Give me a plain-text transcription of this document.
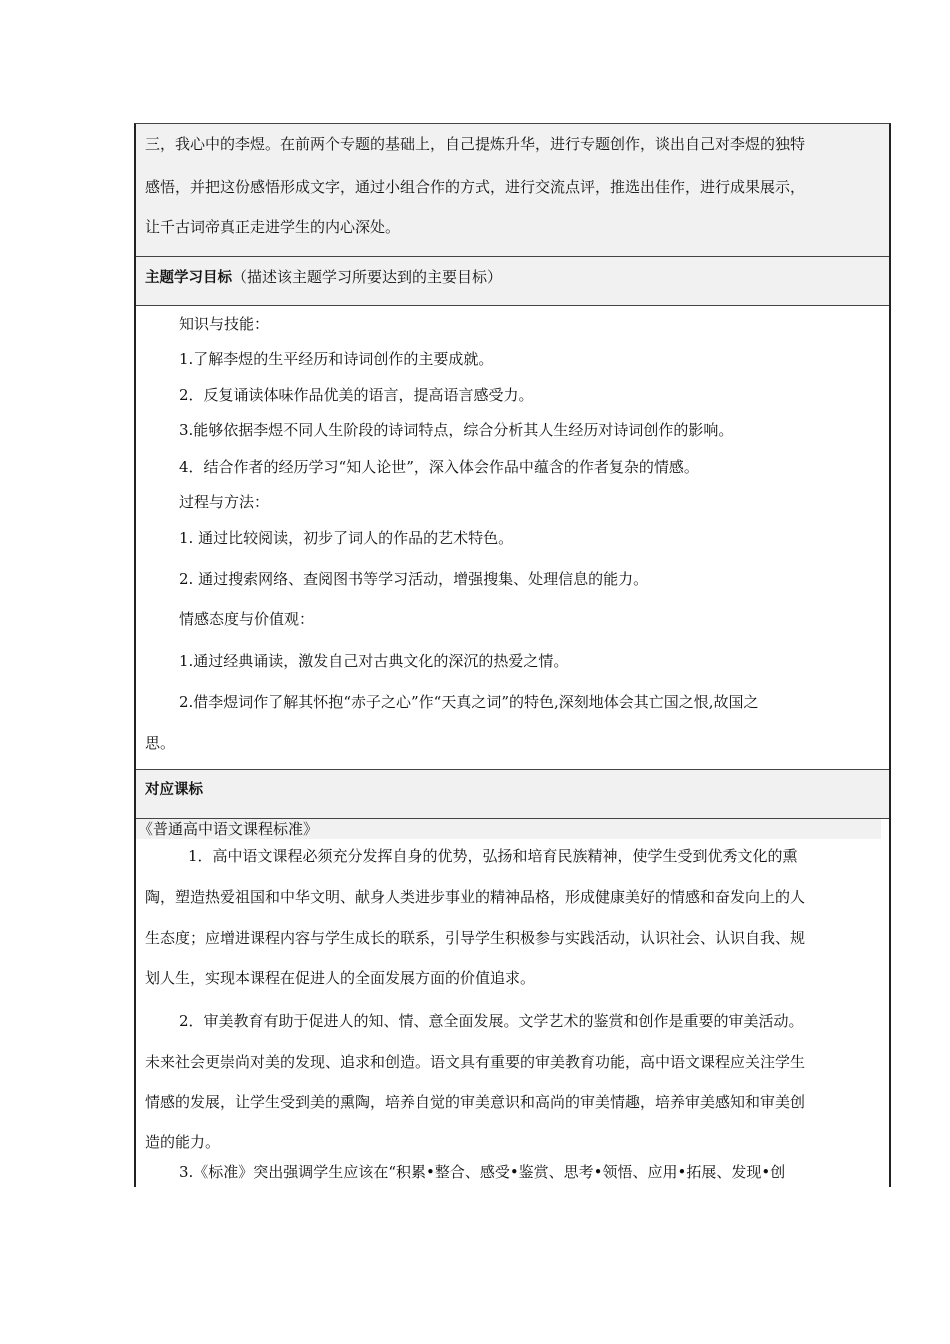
三，我心中的李煜。在前两个专题的基础上，自己提炼升华，进行专题创作，谈出自己对李煜的独特
感悟，并把这份感悟形成文字，通过小组合作的方式，进行交流点评，推选出佳作，进行成果展示，
让千古词帝真正走进学生的内心深处。
主题学习目标（描述该主题学习所要达到的主要目标）
知识与技能：
1.了解李煜的生平经历和诗词创作的主要成就。
2．反复诵读体味作品优美的语言，提高语言感受力。
3.能够依据李煜不同人生阶段的诗词特点，综合分析其人生经历对诗词创作的影响。
4．结合作者的经历学习“知人论世”，深入体会作品中蕴含的作者复杂的情感。
过程与方法：
1. 通过比较阅读，初步了词人的作品的艺术特色。
2. 通过搜索网络、查阅图书等学习活动，增强搜集、处理信息的能力。
情感态度与价值观：
1.通过经典诵读，激发自己对古典文化的深沉的热爱之情。
2.借李煜词作了解其怀抱“赤子之心”作“天真之词”的特色,深刻地体会其亡国之恨,故国之
思。
对应课标
《普通高中语文课程标准》
1．高中语文课程必须充分发挥自身的优势，弘扬和培育民族精神，使学生受到优秀文化的熏
陶，塑造热爱祖国和中华文明、献身人类进步事业的精神品格，形成健康美好的情感和奋发向上的人
生态度；应增进课程内容与学生成长的联系，引导学生积极参与实践活动，认识社会、认识自我、规
划人生，实现本课程在促进人的全面发展方面的价值追求。
2．审美教育有助于促进人的知、情、意全面发展。文学艺术的鉴赏和创作是重要的审美活动。
未来社会更崇尚对美的发现、追求和创造。语文具有重要的审美教育功能，高中语文课程应关注学生
情感的发展，让学生受到美的熏陶，培养自觉的审美意识和高尚的审美情趣，培养审美感知和审美创
造的能力。
3.《标准》突出强调学生应该在“积累•整合、感受•鉴赏、思考•领悟、应用•拓展、发现•创
